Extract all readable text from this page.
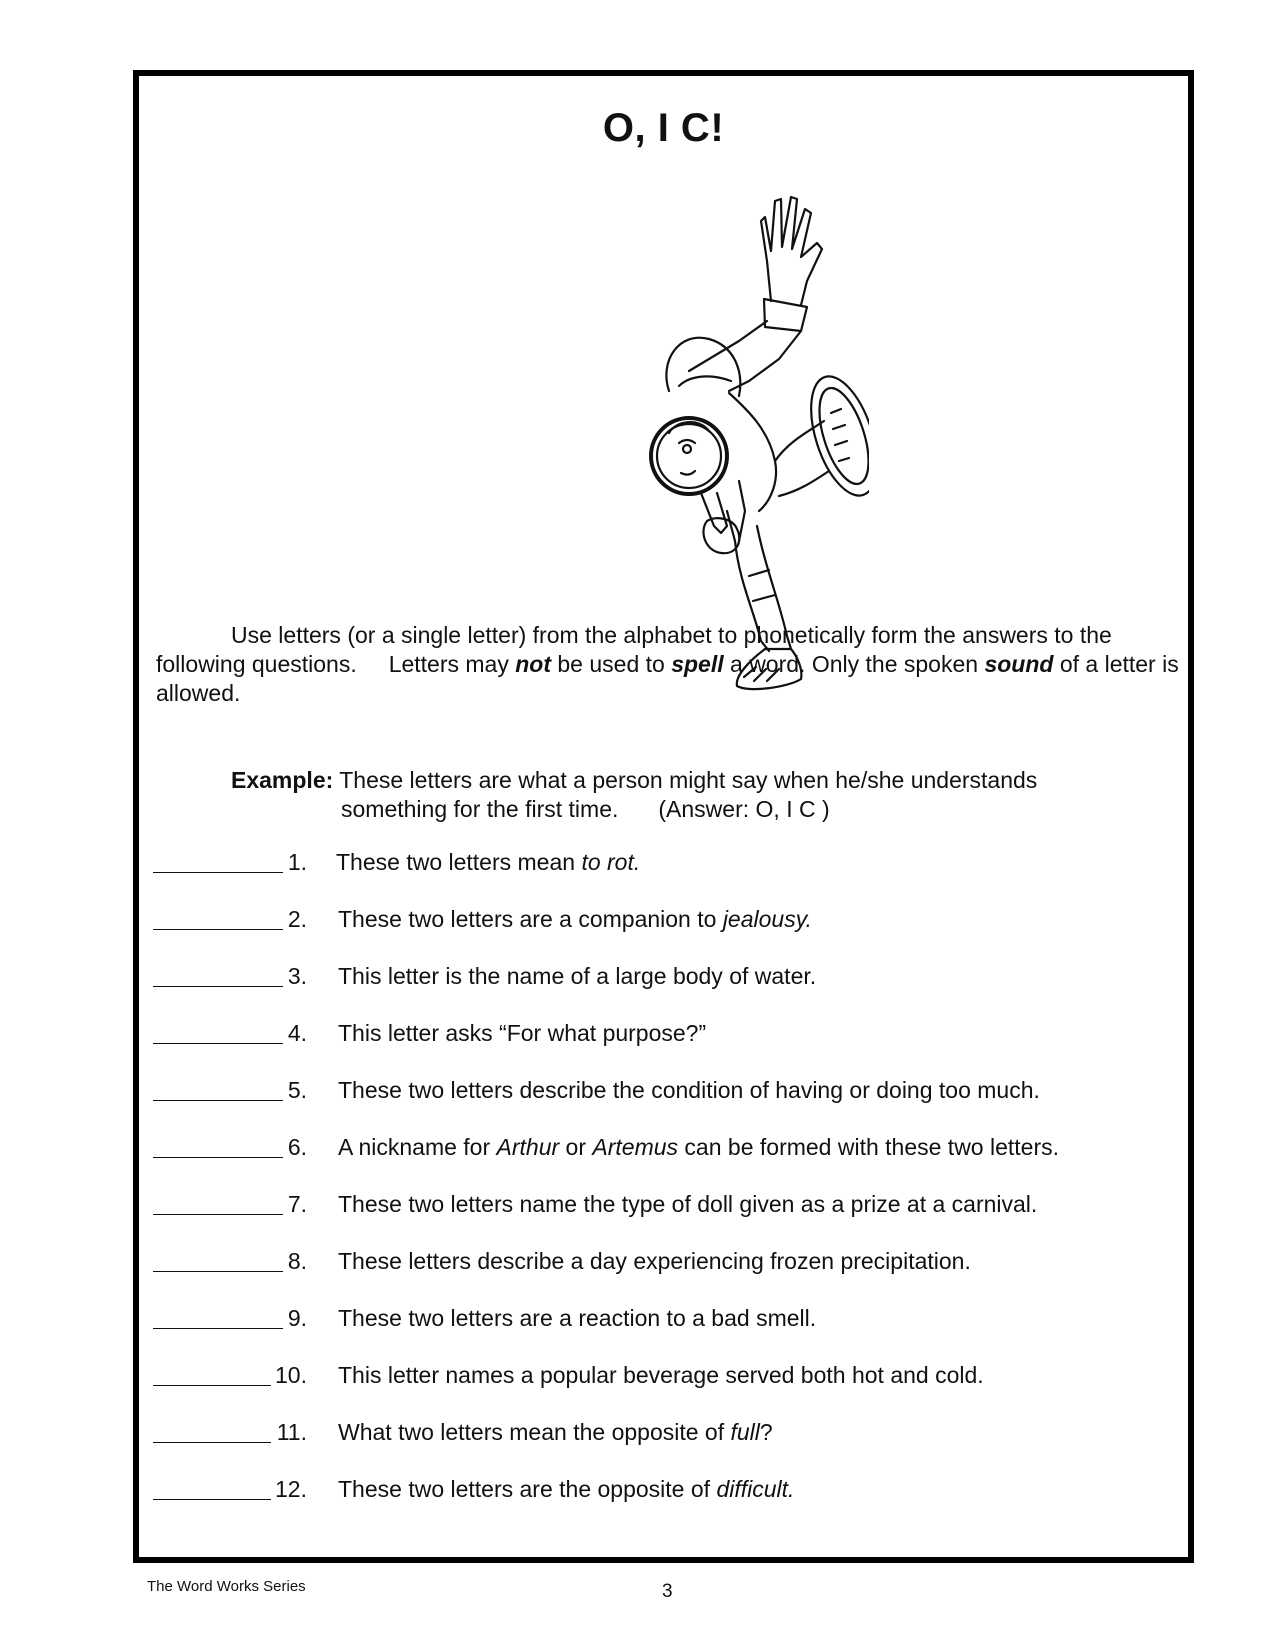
O, I C!
Use letters (or a single letter) from the alphabet to phonetically form the answers to the following questions. Letters may not be used to spell a word. Only the spoken sound of a letter is allowed.
Example: These letters are what a person might say when he/she understands
something for the first time. (Answer: O, I C )
1. These two letters mean to rot.
2. These two letters are a companion to jealousy.
3. This letter is the name of a large body of water.
4. This letter asks “For what purpose?”
5. These two letters describe the condition of having or doing too much.
6. A nickname for Arthur or Artemus can be formed with these two letters.
7. These two letters name the type of doll given as a prize at a carnival.
8. These letters describe a day experiencing frozen precipitation.
9. These two letters are a reaction to a bad smell.
10. This letter names a popular beverage served both hot and cold.
11. What two letters mean the opposite of full?
12. These two letters are the opposite of difficult.
The Word Works Series	3
